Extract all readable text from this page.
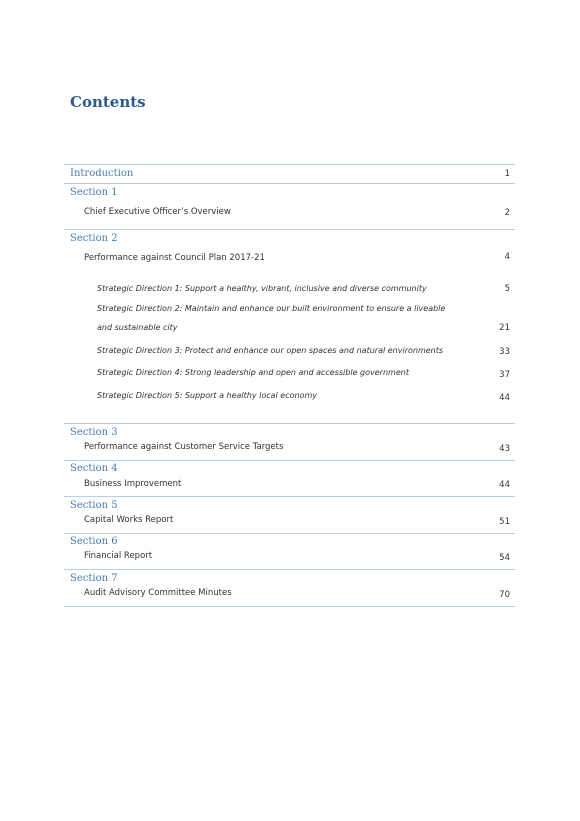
Contents
Introduction	1
Section 1
Chief Executive Officer’s Overview	2
Section 2
Performance against Council Plan 2017-21	4
Strategic Direction 1: Support a healthy, vibrant, inclusive and diverse community	5
Strategic Direction 2: Maintain and enhance our built environment to ensure a liveable
and sustainable city	21
Strategic Direction 3: Protect and enhance our open spaces and natural environments	33
Strategic Direction 4: Strong leadership and open and accessible government	37
Strategic Direction 5: Support a healthy local economy	44
Section 3
Performance against Customer Service Targets	43
Section 4
Business Improvement	44
Section 5
Capital Works Report	51
Section 6
Financial Report	54
Section 7
Audit Advisory Committee Minutes	70
